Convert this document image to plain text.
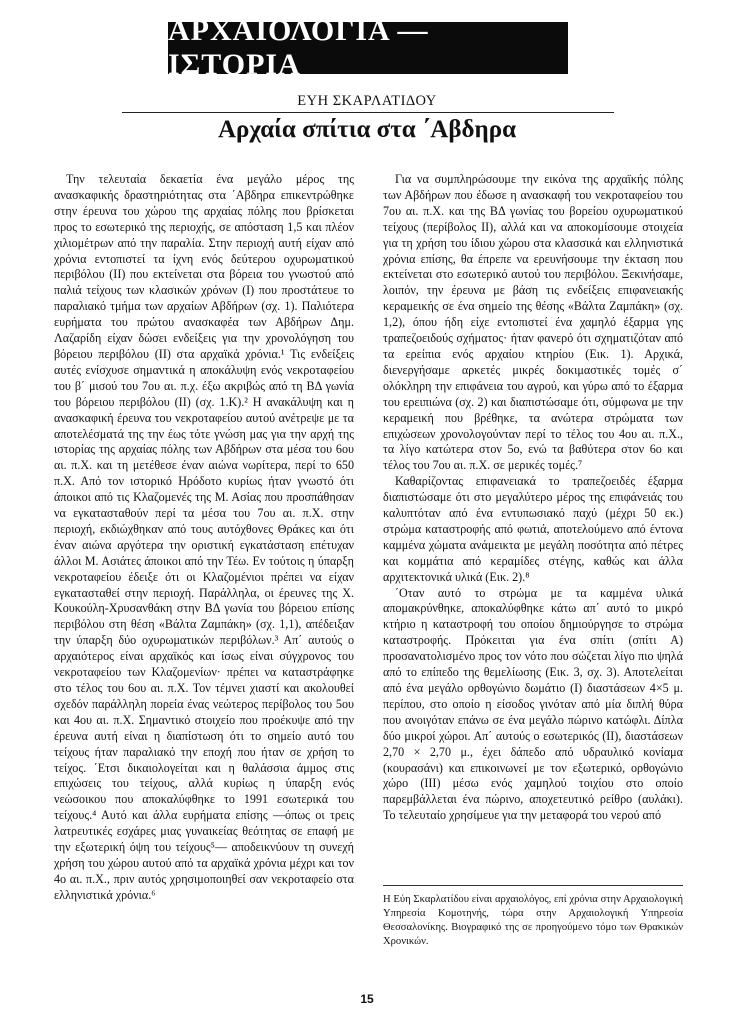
ΑΡΧΑΙΟΛΟΓΙΑ — ΙΣΤΟΡΙΑ
ΕΥΗ ΣΚΑΡΛΑΤΙΔΟΥ
Αρχαία σπίτια στα ΄Αβδηρα

Την τελευταία δεκαετία ένα μεγάλο μέρος της ανασκαφικής δραστηριότητας στα ΄Αβδηρα επικεντρώθηκε στην έρευνα του χώρου της αρχαίας πόλης που βρίσκεται προς το εσωτερικό της περιοχής, σε απόσταση 1,5 και πλέον χιλιομέτρων από την παραλία. Στην περιοχή αυτή είχαν από χρόνια εντοπιστεί τα ίχνη ενός δεύτερου οχυρωματικού περιβόλου (ΙΙ) που εκτείνεται στα βόρεια του γνωστού από παλιά τείχους των κλασικών χρόνων (Ι) που προστάτευε το παραλιακό τμήμα των αρχαίων Αβδήρων (σχ. 1). Παλιότερα ευρήματα του πρώτου ανασκαφέα των Αβδήρων Δημ. Λαζαρίδη είχαν δώσει ενδείξεις για την χρονολόγηση του βόρειου περιβόλου (ΙΙ) στα αρχαϊκά χρόνια.¹ Τις ενδείξεις αυτές ενίσχυσε σημαντικά η αποκάλυψη ενός νεκροταφείου του β΄ μισού του 7ου αι. π.χ. έξω ακριβώς από τη ΒΔ γωνία του βόρειου περιβόλου (ΙΙ) (σχ. 1.Κ).² Η ανακάλυψη και η ανασκαφική έρευνα του νεκροταφείου αυτού ανέτρεψε με τα αποτελέσματά της την έως τότε γνώση μας για την αρχή της ιστορίας της αρχαίας πόλης των Αβδήρων στα μέσα του 6ου αι. π.Χ. και τη μετέθεσε έναν αιώνα νωρίτερα, περί το 650 π.Χ. Από τον ιστορικό Ηρόδοτο κυρίως ήταν γνωστό ότι άποικοι από τις Κλαζομενές της Μ. Ασίας που προσπάθησαν να εγκατασταθούν περί τα μέσα του 7ου αι. π.Χ. στην περιοχή, εκδιώχθηκαν από τους αυτόχθονες Θράκες και ότι έναν αιώνα αργότερα την οριστική εγκατάσταση επέτυχαν άλλοι Μ. Ασιάτες άποικοι από την Τέω. Εν τούτοις η ύπαρξη νεκροταφείου έδειξε ότι οι Κλαζομένιοι πρέπει να είχαν εγκατασταθεί στην περιοχή. Παράλληλα, οι έρευνες της Χ. Κουκούλη-Χρυσανθάκη στην ΒΔ γωνία του βόρειου επίσης περιβόλου στη θέση «Βάλτα Ζαμπάκη» (σχ. 1,1), απέδειξαν την ύπαρξη δύο οχυρωματικών περιβόλων.³ Απ΄ αυτούς ο αρχαιότερος είναι αρχαϊκός και ίσως είναι σύγχρονος του νεκροταφείου των Κλαζομενίων· πρέπει να καταστράφηκε στο τέλος του 6ου αι. π.Χ. Τον τέμνει χιαστί και ακολουθεί σχεδόν παράλληλη πορεία ένας νεώτερος περίβολος του 5ου και 4ου αι. π.Χ. Σημαντικό στοιχείο που προέκυψε από την έρευνα αυτή είναι η διαπίστωση ότι το σημείο αυτό του τείχους ήταν παραλιακό την εποχή που ήταν σε χρήση το τείχος. ΄Ετσι δικαιολογείται και η θαλάσσια άμμος στις επιχώσεις του τείχους, αλλά κυρίως η ύπαρξη ενός νεώσοικου που αποκαλύφθηκε το 1991 εσωτερικά του τείχους.⁴ Αυτό και άλλα ευρήματα επίσης —όπως οι τρεις λατρευτικές εσχάρες μιας γυναικείας θεότητας σε επαφή με την εξωτερική όψη του τείχους⁵— αποδεικνύουν τη συνεχή χρήση του χώρου αυτού από τα αρχαϊκά χρόνια μέχρι και τον 4ο αι. π.Χ., πριν αυτός χρησιμοποιηθεί σαν νεκροταφείο στα ελληνιστικά χρόνια.⁶

Για να συμπληρώσουμε την εικόνα της αρχαϊκής πόλης των Αβδήρων που έδωσε η ανασκαφή του νεκροταφείου του 7ου αι. π.Χ. και της ΒΔ γωνίας του βορείου οχυρωματικού τείχους (περίβολος ΙΙ), αλλά και να αποκομίσουμε στοιχεία για τη χρήση του ίδιου χώρου στα κλασσικά και ελληνιστικά χρόνια επίσης, θα έπρεπε να ερευνήσουμε την έκταση που εκτείνεται στο εσωτερικό αυτού του περιβόλου. Ξεκινήσαμε, λοιπόν, την έρευνα με βάση τις ενδείξεις επιφανειακής κεραμεικής σε ένα σημείο της θέσης «Βάλτα Ζαμπάκη» (σχ. 1,2), όπου ήδη είχε εντοπιστεί ένα χαμηλό έξαρμα γης τραπεζοειδούς σχήματος· ήταν φανερό ότι σχηματιζόταν από τα ερείπια ενός αρχαίου κτηρίου (Εικ. 1). Αρχικά, διενεργήσαμε αρκετές μικρές δοκιμαστικές τομές σ΄ ολόκληρη την επιφάνεια του αγρού, και γύρω από το έξαρμα του ερειπιώνα (σχ. 2) και διαπιστώσαμε ότι, σύμφωνα με την κεραμεική που βρέθηκε, τα ανώτερα στρώματα των επιχώσεων χρονολογούνταν περί το τέλος του 4ου αι. π.Χ., τα λίγο κατώτερα στον 5ο, ενώ τα βαθύτερα στον 6ο και τέλος του 7ου αι. π.Χ. σε μερικές τομές.⁷

Καθαρίζοντας επιφανειακά το τραπεζοειδές έξαρμα διαπιστώσαμε ότι στο μεγαλύτερο μέρος της επιφάνειάς του καλυπτόταν από ένα εντυπωσιακό παχύ (μέχρι 50 εκ.) στρώμα καταστροφής από φωτιά, αποτελούμενο από έντονα καμμένα χώματα ανάμεικτα με μεγάλη ποσότητα από πέτρες και κομμάτια από κεραμίδες στέγης, καθώς και άλλα αρχιτεκτονικά υλικά (Εικ. 2).⁸

΄Οταν αυτό το στρώμα με τα καμμένα υλικά απομακρύνθηκε, αποκαλύφθηκε κάτω απ΄ αυτό το μικρό κτήριο η καταστροφή του οποίου δημιούργησε το στρώμα καταστροφής. Πρόκειται για ένα σπίτι (σπίτι Α) προσανατολισμένο προς τον νότο που σώζεται λίγο πιο ψηλά από το επίπεδο της θεμελίωσης (Εικ. 3, σχ. 3). Αποτελείται από ένα μεγάλο ορθογώνιο δωμάτιο (Ι) διαστάσεων 4×5 μ. περίπου, στο οποίο η είσοδος γινόταν από μία διπλή θύρα που ανοιγόταν επάνω σε ένα μεγάλο πώρινο κατώφλι. Δίπλα δύο μικροί χώροι. Απ΄ αυτούς ο εσωτερικός (ΙΙ), διαστάσεων 2,70 × 2,70 μ., έχει δάπεδο από υδραυλικό κονίαμα (κουρασάνι) και επικοινωνεί με τον εξωτερικό, ορθογώνιο χώρο (ΙΙΙ) μέσω ενός χαμηλού τοιχίου στο οποίο παρεμβάλλεται ένα πώρινο, αποχετευτικό ρείθρο (αυλάκι). Το τελευταίο χρησίμευε για την μεταφορά του νερού από

Η Εύη Σκαρλατίδου είναι αρχαιολόγος, επί χρόνια στην Αρχαιολογική Υπηρεσία Κομοτηνής, τώρα στην Αρχαιολογική Υπηρεσία Θεσσαλονίκης. Βιογραφικό της σε προηγούμενο τόμο των Θρακικών Χρονικών.
15
